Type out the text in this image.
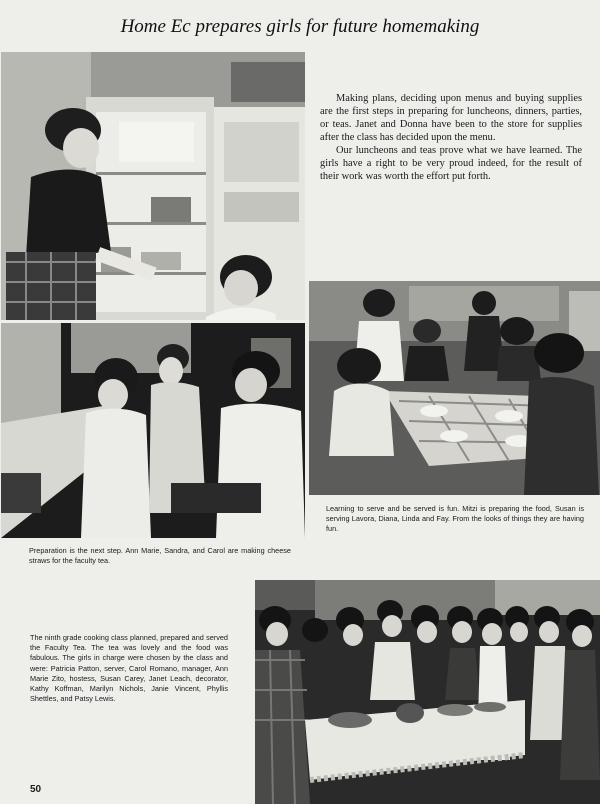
Home Ec prepares girls for future homemaking

Making plans, deciding upon menus and buying supplies are the first steps in preparing for luncheons, dinners, parties, or teas. Janet and Donna have been to the store for supplies after the class has decided upon the menu.

Our luncheons and teas prove what we have learned. The girls have a right to be very proud indeed, for the result of their work was worth the effort put forth.

Learning to serve and be served is fun. Mitzi is preparing the food, Susan is serving Lavora, Diana, Linda and Fay. From the looks of things they are having fun.

Preparation is the next step. Ann Marie, Sandra, and Carol are making cheese straws for the faculty tea.

The ninth grade cooking class planned, prepared and served the Faculty Tea. The tea was lovely and the food was fabulous. The girls in charge were chosen by the class and were: Patricia Patton, server, Carol Romano, manager, Ann Marie Zito, hostess, Susan Carey, Janet Leach, decorator, Kathy Koffman, Marilyn Nichols, Janie Vincent, Phyllis Shettles, and Patsy Lewis.

50
